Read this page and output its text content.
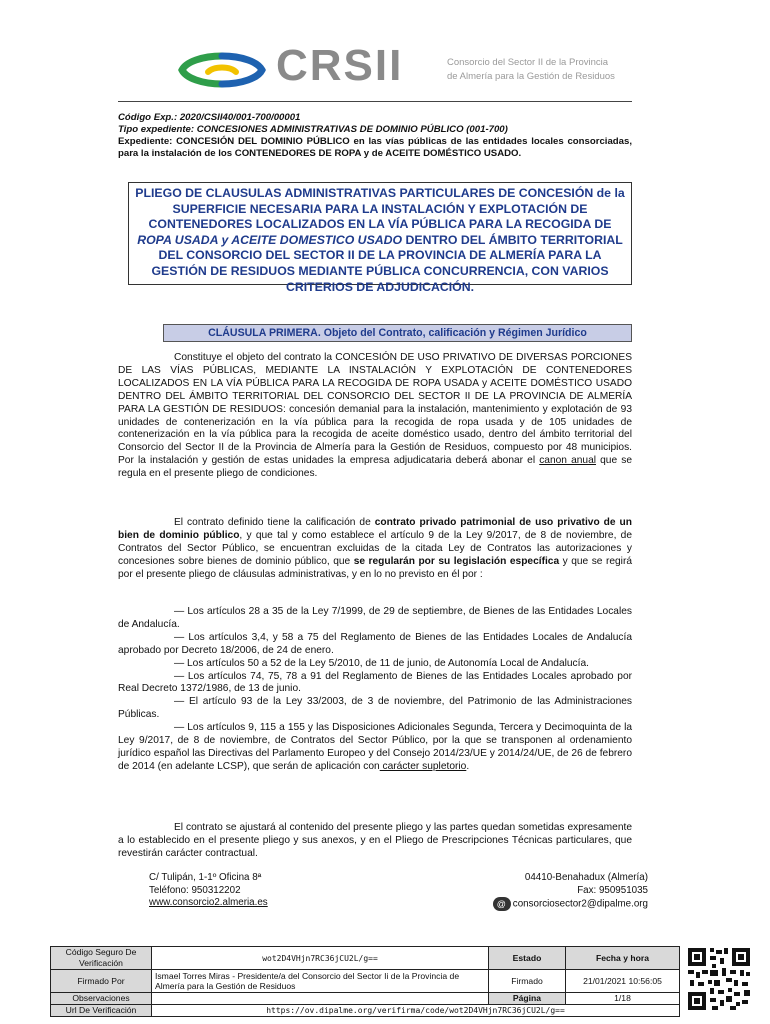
CRSII	Consorcio del Sector II de la Provincia
de Almería para la Gestión de Residuos
Código Exp.: 2020/CSII40/001-700/00001
Tipo expediente: CONCESIONES ADMINISTRATIVAS DE DOMINIO PÚBLICO (001-700)
Expediente: CONCESIÓN DEL DOMINIO PÚBLICO en las vías públicas de las entidades locales consorciadas, para la instalación de los CONTENEDORES DE ROPA y de ACEITE DOMÉSTICO USADO.
PLIEGO DE CLAUSULAS ADMINISTRATIVAS PARTICULARES DE CONCESIÓN de la SUPERFICIE NECESARIA PARA LA INSTALACIÓN Y EXPLOTACIÓN DE CONTENEDORES LOCALIZADOS EN LA VÍA PÚBLICA PARA LA RECOGIDA DE ROPA USADA y ACEITE DOMESTICO USADO DENTRO DEL ÁMBITO TERRITORIAL DEL CONSORCIO DEL SECTOR II DE LA PROVINCIA DE ALMERÍA PARA LA GESTIÓN DE RESIDUOS MEDIANTE PÚBLICA CONCURRENCIA, CON VARIOS CRITERIOS DE ADJUDICACIÓN.
CLÁUSULA PRIMERA. Objeto del Contrato, calificación y Régimen Jurídico

Constituye el objeto del contrato la CONCESIÓN DE USO PRIVATIVO DE DIVERSAS PORCIONES DE LAS VÍAS PÚBLICAS, MEDIANTE LA INSTALACIÓN Y EXPLOTACIÓN DE CONTENEDORES LOCALIZADOS EN LA VÍA PÚBLICA PARA LA RECOGIDA DE ROPA USADA y ACEITE DOMÉSTICO USADO DENTRO DEL ÁMBITO TERRITORIAL DEL CONSORCIO DEL SECTOR II DE LA PROVINCIA DE ALMERÍA PARA LA GESTIÓN DE RESIDUOS: concesión demanial para la instalación, mantenimiento y explotación de 93 unidades de contenerización en la vía pública para la recogida de ropa usada y de 105 unidades de contenerización en la vía pública para la recogida de aceite doméstico usado, dentro del ámbito territorial del Consorcio del Sector II de la Provincia de Almería para la Gestión de Residuos, compuesto por 48 municipios. Por la instalación y gestión de estas unidades la empresa adjudicataria deberá abonar el canon anual que se regula en el presente pliego de condiciones.

El contrato definido tiene la calificación de contrato privado patrimonial de uso privativo de un bien de dominio público, y que tal y como establece el artículo 9 de la Ley 9/2017, de 8 de noviembre, de Contratos del Sector Público, se encuentran excluidas de la citada Ley de Contratos las autorizaciones y concesiones sobre bienes de dominio público, que se regularán por su legislación específica y que se regirá por el presente pliego de cláusulas administrativas, y en lo no previsto en él por :

— Los artículos 28 a 35 de la Ley 7/1999, de 29 de septiembre, de Bienes de las Entidades Locales de Andalucía.

— Los artículos 3,4, y 58 a 75 del Reglamento de Bienes de las Entidades Locales de Andalucía aprobado por Decreto 18/2006, de 24 de enero.

— Los artículos 50 a 52 de la Ley 5/2010, de 11 de junio, de Autonomía Local de Andalucía.

— Los artículos 74, 75, 78 a 91 del Reglamento de Bienes de las Entidades Locales aprobado por Real Decreto 1372/1986, de 13 de junio.

— El artículo 93 de la Ley 33/2003, de 3 de noviembre, del Patrimonio de las Administraciones Públicas.

— Los artículos 9, 115 a 155 y las Disposiciones Adicionales Segunda, Tercera y Decimoquinta de la Ley 9/2017, de 8 de noviembre, de Contratos del Sector Público, por la que se transponen al ordenamiento jurídico español las Directivas del Parlamento Europeo y del Consejo 2014/23/UE y 2014/24/UE, de 26 de febrero de 2014 (en adelante LCSP), que serán de aplicación con carácter supletorio.

El contrato se ajustará al contenido del presente pliego y las partes quedan sometidas expresamente a lo establecido en el presente pliego y sus anexos, y en el Pliego de Prescripciones Técnicas particulares, que revestirán carácter contractual.

C/ Tulipán, 1-1º Oficina 8ª
Teléfono: 950312202
www.consorcio2.almeria.es
04410-Benahadux (Almería)
Fax: 950951035
@consorciosector2@dipalme.org
Código Seguro De Verificación	wot2D4VHjn7RC36jCU2L/g==	Estado	Fecha y hora
Firmado Por	Ismael Torres Miras - Presidente/a del Consorcio del Sector Ii de la Provincia de Almería para la Gestión de Residuos	Firmado	21/01/2021 10:56:05
Observaciones		Página	1/18
Url De Verificación	https://ov.dipalme.org/verifirma/code/wot2D4VHjn7RC36jCU2L/g==		
